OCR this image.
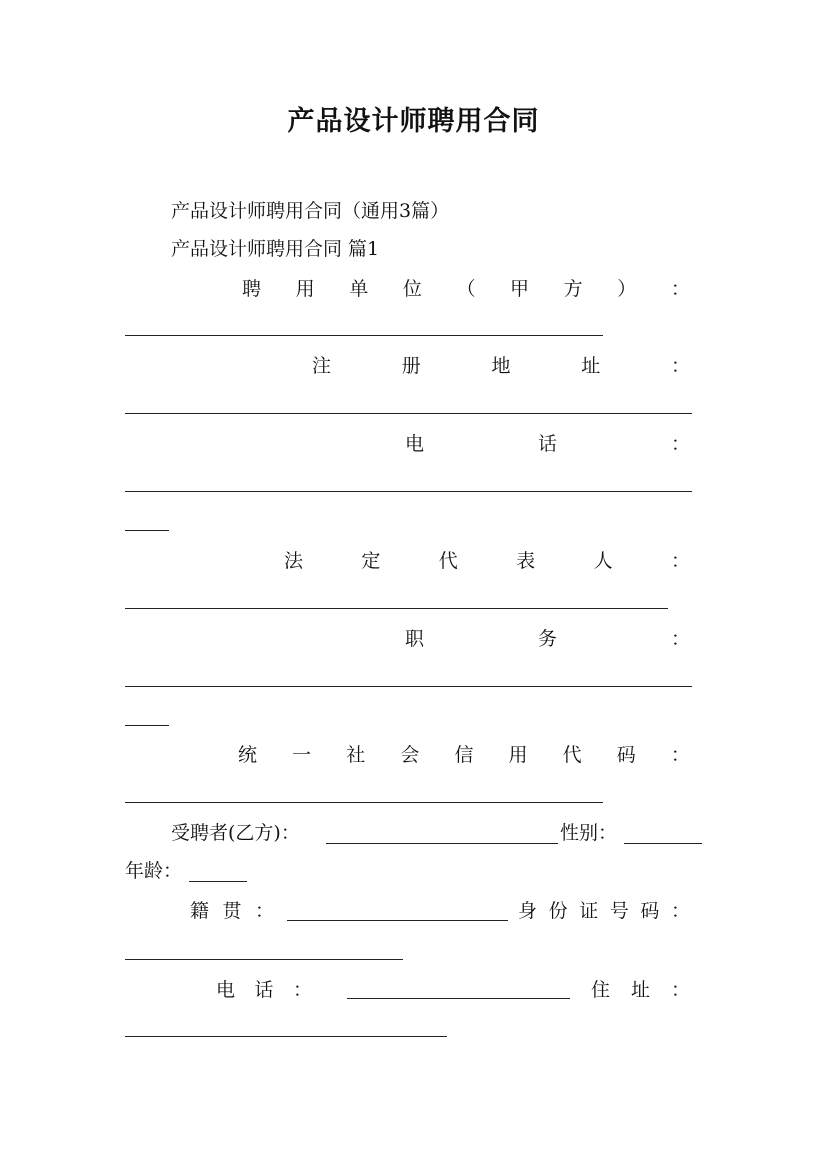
产品设计师聘用合同
产品设计师聘用合同（通用3篇）
产品设计师聘用合同 篇1
聘 用 单 位 （ 甲 方 ） ：
注	册	地	址	：
电	话	：
法	定	代	表	人	：
职	务	：
统 一 社 会 信 用 代 码 ：
受聘者(乙方)：	性别：
年龄：
籍 贯 ：	身 份 证 号 码 ：
电 话 ：	住 址 ：
